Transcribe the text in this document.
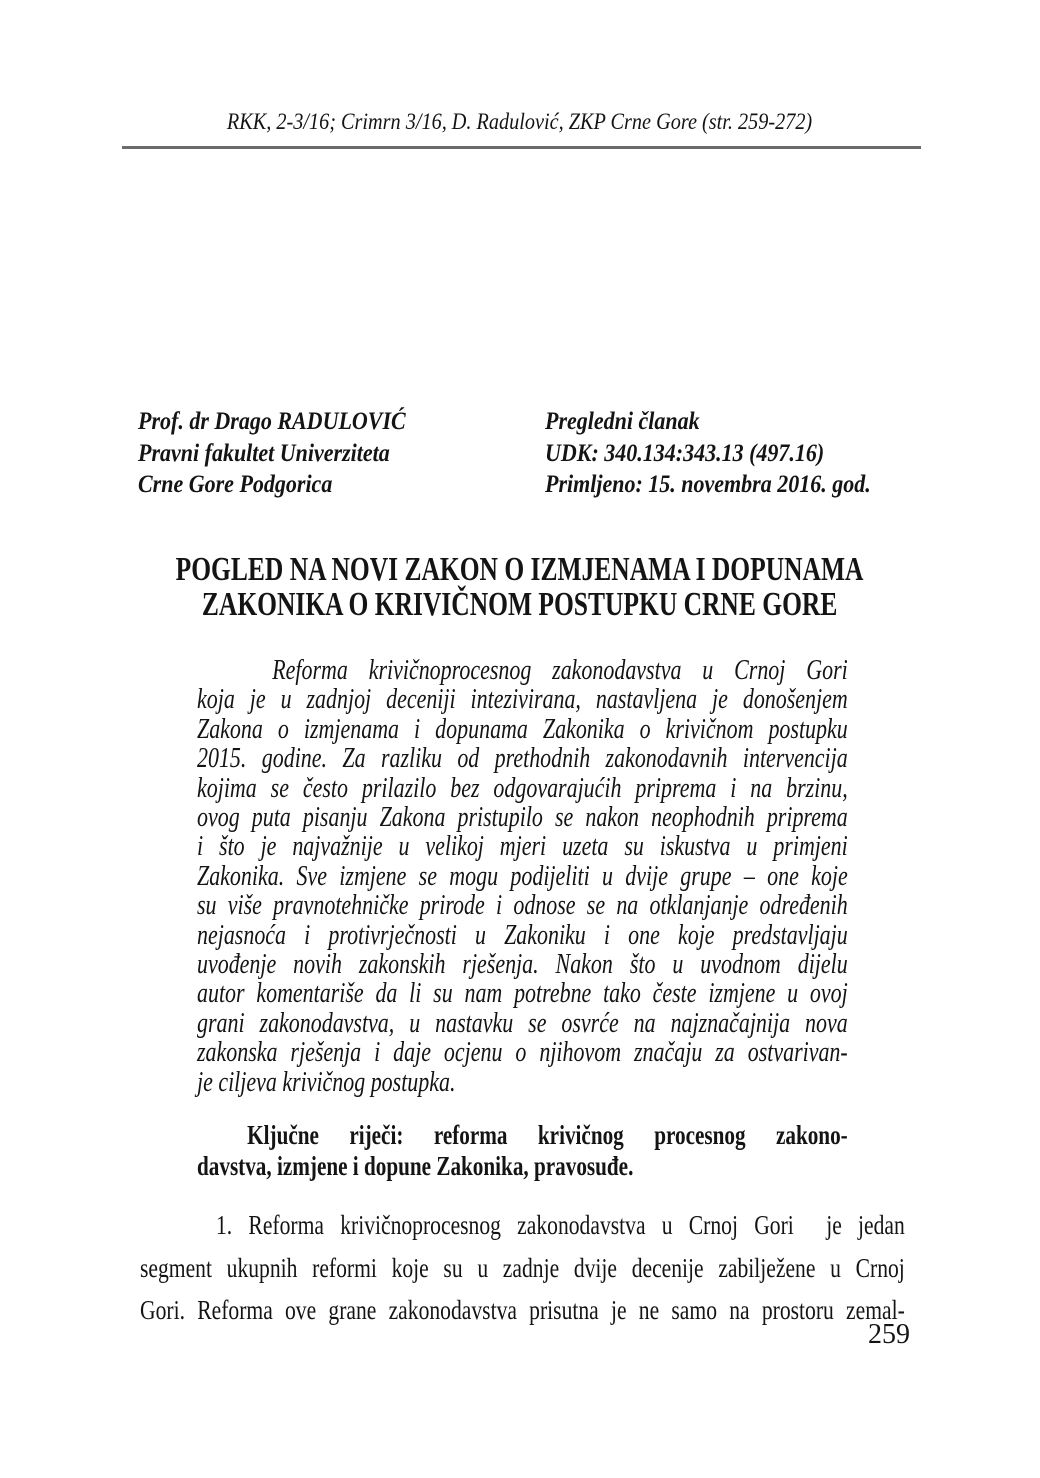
RKK, 2-3/16; Crimrn 3/16, D. Radulović, ZKP Crne Gore (str. 259-272)
Prof. dr Drago RADULOVIĆ
Pravni fakultet Univerziteta
Crne Gore Podgorica
Pregledni članak
UDK: 340.134:343.13 (497.16)
Primljeno: 15. novembra 2016. god.
POGLED NA NOVI ZAKON O IZMJENAMA I DOPUNAMA
ZAKONIKA O KRIVIČNOM POSTUPKU CRNE GORE
Reforma krivičnoprocesnog zakonodavstva u Crnoj Gori
koja je u zadnjoj deceniji intezivirana, nastavljena je donošenjem
Zakona o izmjenama i dopunama Zakonika o krivičnom postupku
2015. godine. Za razliku od prethodnih zakonodavnih intervencija
kojima se često prilazilo bez odgovarajućih priprema i na brzinu,
ovog puta pisanju Zakona pristupilo se nakon neophodnih priprema
i što je najvažnije u velikoj mjeri uzeta su iskustva u primjeni
Zakonika. Sve izmjene se mogu podijeliti u dvije grupe – one koje
su više pravnotehničke prirode i odnose se na otklanjanje određenih
nejasnoća i protivrječnosti u Zakoniku i one koje predstavljaju
uvođenje novih zakonskih rješenja. Nakon što u uvodnom dijelu
autor komentariše da li su nam potrebne tako česte izmjene u ovoj
grani zakonodavstva, u nastavku se osvrće na najznačajnija nova
zakonska rješenja i daje ocjenu o njihovom značaju za ostvarivan-
je ciljeva krivičnog postupka.
Ključne riječi: reforma krivičnog procesnog zakono-
davstva, izmjene i dopune Zakonika, pravosuđe.
1. Reforma krivičnoprocesnog zakonodavstva u Crnoj Gori  je jedan
segment ukupnih reformi koje su u zadnje dvije decenije zabilježene u Crnoj
Gori. Reforma ove grane zakonodavstva prisutna je ne samo na prostoru zemal-
259
